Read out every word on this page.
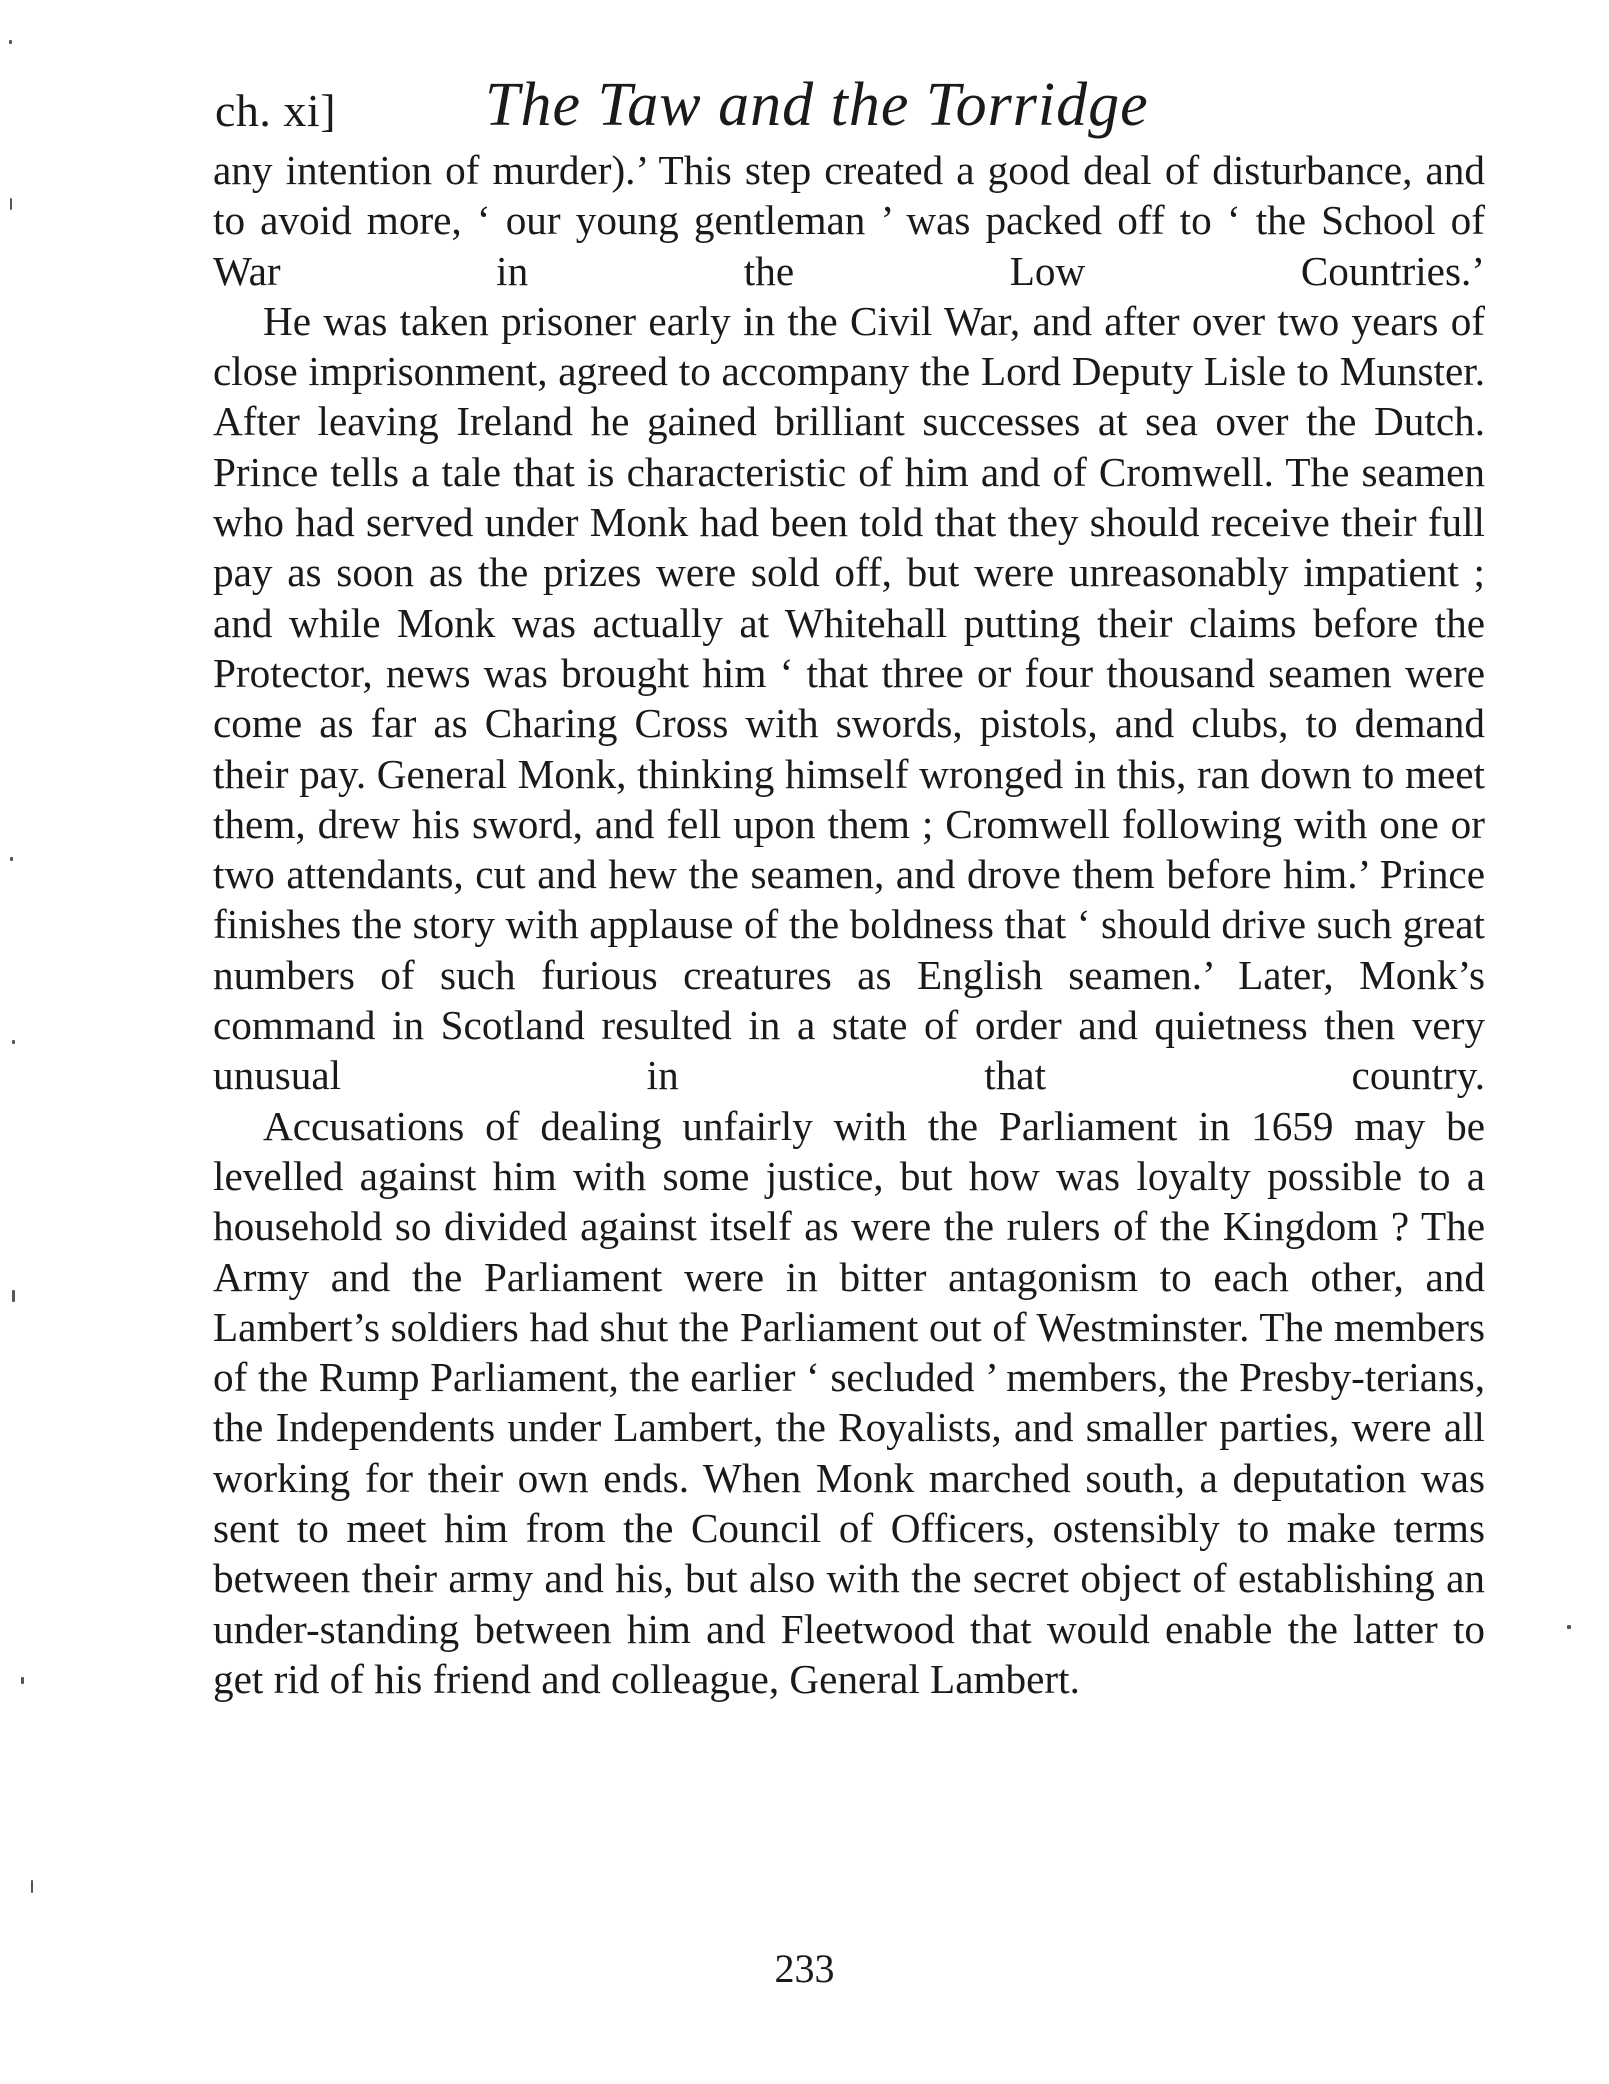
ch. xi] The Taw and the Torridge

any intention of murder).’ This step created a good deal of disturbance, and to avoid more, ‘ our young gentleman ’ was packed off to ‘ the School of War in the Low Countries.’

He was taken prisoner early in the Civil War, and after over two years of close imprisonment, agreed to accompany the Lord Deputy Lisle to Munster. After leaving Ireland he gained brilliant successes at sea over the Dutch. Prince tells a tale that is characteristic of him and of Cromwell. The seamen who had served under Monk had been told that they should receive their full pay as soon as the prizes were sold off, but were unreasonably impatient ; and while Monk was actually at Whitehall putting their claims before the Protector, news was brought him ‘ that three or four thousand seamen were come as far as Charing Cross with swords, pistols, and clubs, to demand their pay. General Monk, thinking himself wronged in this, ran down to meet them, drew his sword, and fell upon them ; Cromwell following with one or two attendants, cut and hew the seamen, and drove them before him.’ Prince finishes the story with applause of the boldness that ‘ should drive such great numbers of such furious creatures as English seamen.’ Later, Monk’s command in Scotland resulted in a state of order and quietness then very unusual in that country.

Accusations of dealing unfairly with the Parliament in 1659 may be levelled against him with some justice, but how was loyalty possible to a household so divided against itself as were the rulers of the Kingdom ? The Army and the Parliament were in bitter antagonism to each other, and Lambert’s soldiers had shut the Parliament out of Westminster. The members of the Rump Parliament, the earlier ‘ secluded ’ members, the Presby-terians, the Independents under Lambert, the Royalists, and smaller parties, were all working for their own ends. When Monk marched south, a deputation was sent to meet him from the Council of Officers, ostensibly to make terms between their army and his, but also with the secret object of establishing an under-standing between him and Fleetwood that would enable the latter to get rid of his friend and colleague, General Lambert.

233
